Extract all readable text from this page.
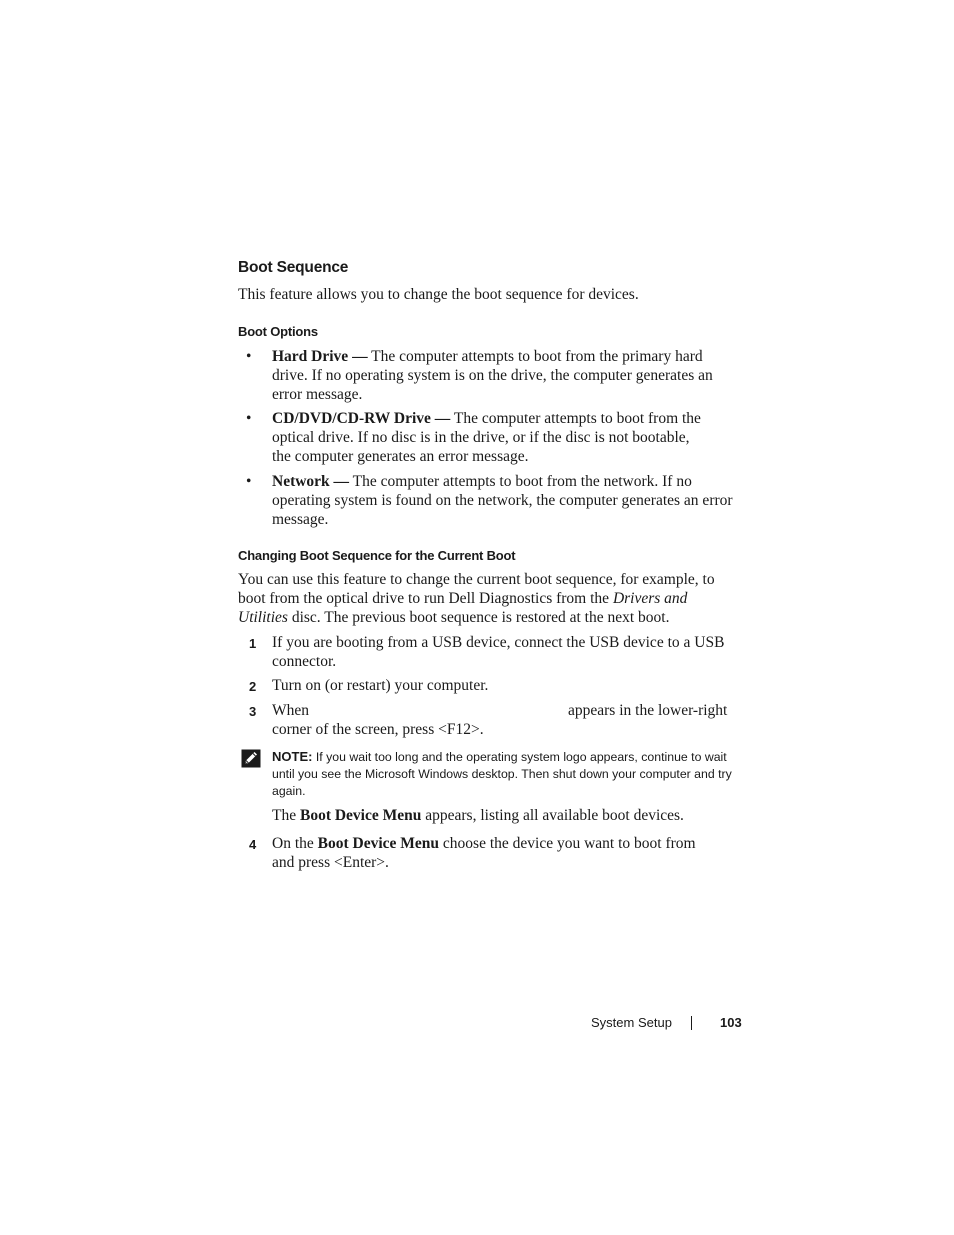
Boot Sequence
This feature allows you to change the boot sequence for devices.
Boot Options
• Hard Drive — The computer attempts to boot from the primary hard drive. If no operating system is on the drive, the computer generates an error message.
• CD/DVD/CD-RW Drive — The computer attempts to boot from the optical drive. If no disc is in the drive, or if the disc is not bootable, the computer generates an error message.
• Network — The computer attempts to boot from the network. If no operating system is found on the network, the computer generates an error message.
Changing Boot Sequence for the Current Boot
You can use this feature to change the current boot sequence, for example, to boot from the optical drive to run Dell Diagnostics from the Drivers and Utilities disc. The previous boot sequence is restored at the next boot.
1 If you are booting from a USB device, connect the USB device to a USB connector.
2 Turn on (or restart) your computer.
3 When	appears in the lower-right
corner of the screen, press <F12>.
NOTE: If you wait too long and the operating system logo appears, continue to wait until you see the Microsoft Windows desktop. Then shut down your computer and try again.
The Boot Device Menu appears, listing all available boot devices.
4 On the Boot Device Menu choose the device you want to boot from and press <Enter>.
System Setup	103
